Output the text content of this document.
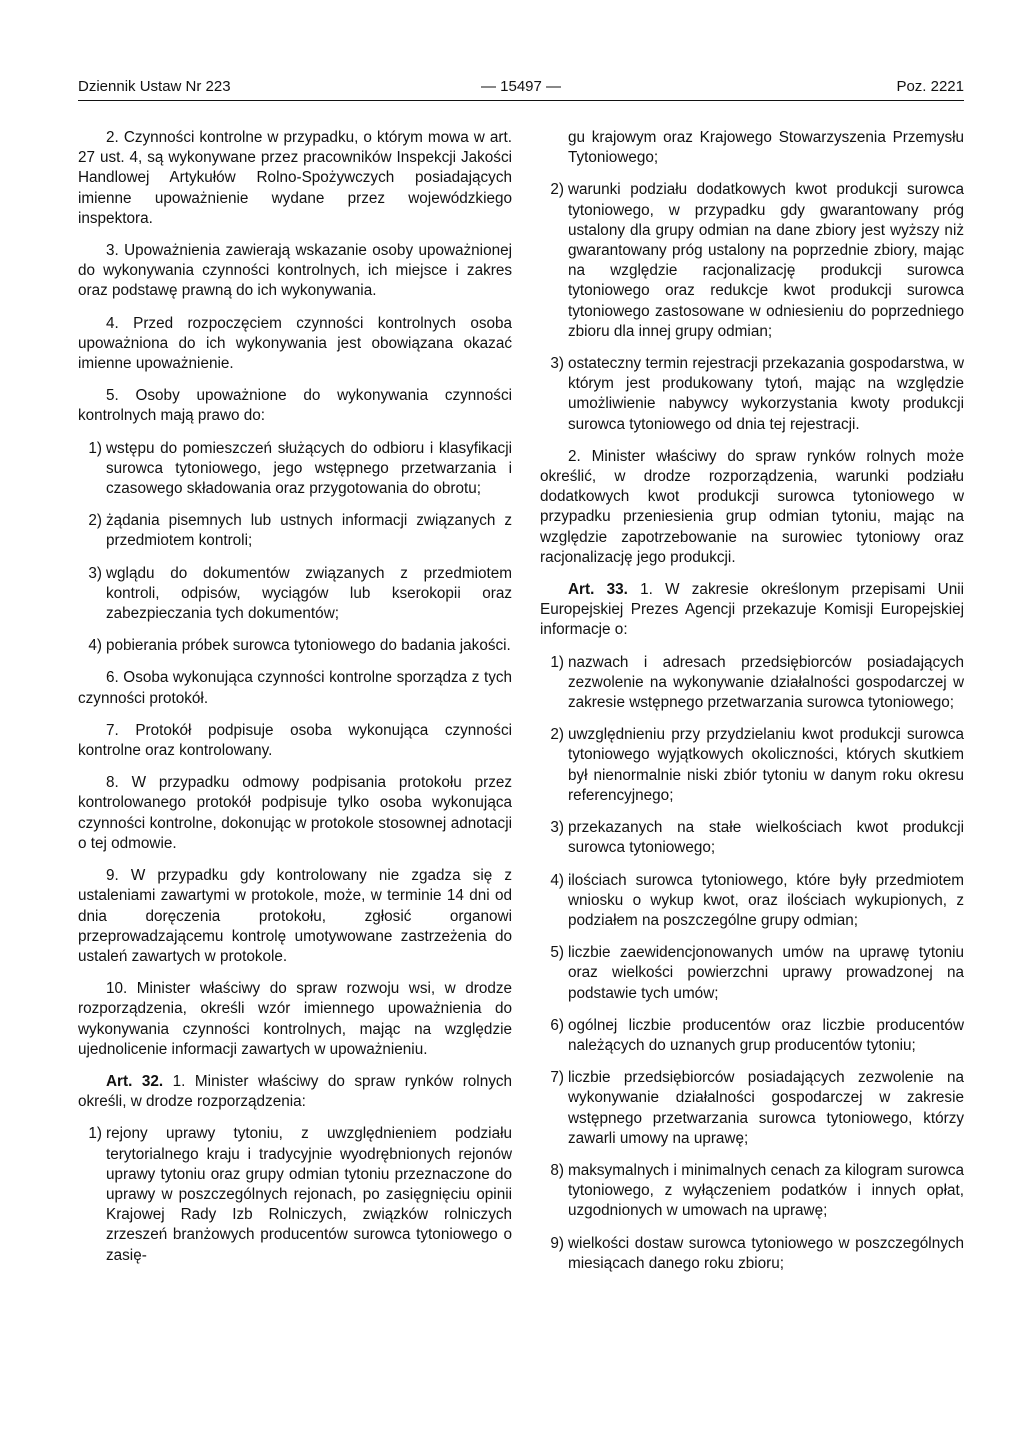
Dziennik Ustaw Nr 223	— 15497 —	Poz. 2221

2. Czynności kontrolne w przypadku, o którym mowa w art. 27 ust. 4, są wykonywane przez pracowników Inspekcji Jakości Handlowej Artykułów Rolno-Spożywczych posiadających imienne upoważnienie wydane przez wojewódzkiego inspektora.

3. Upoważnienia zawierają wskazanie osoby upoważnionej do wykonywania czynności kontrolnych, ich miejsce i zakres oraz podstawę prawną do ich wykonywania.

4. Przed rozpoczęciem czynności kontrolnych osoba upoważniona do ich wykonywania jest obowiązana okazać imienne upoważnienie.

5. Osoby upoważnione do wykonywania czynności kontrolnych mają prawo do:

1) wstępu do pomieszczeń służących do odbioru i klasyfikacji surowca tytoniowego, jego wstępnego przetwarzania i czasowego składowania oraz przygotowania do obrotu;
2) żądania pisemnych lub ustnych informacji związanych z przedmiotem kontroli;
3) wglądu do dokumentów związanych z przedmiotem kontroli, odpisów, wyciągów lub kserokopii oraz zabezpieczania tych dokumentów;
4) pobierania próbek surowca tytoniowego do badania jakości.

6. Osoba wykonująca czynności kontrolne sporządza z tych czynności protokół.

7. Protokół podpisuje osoba wykonująca czynności kontrolne oraz kontrolowany.

8. W przypadku odmowy podpisania protokołu przez kontrolowanego protokół podpisuje tylko osoba wykonująca czynności kontrolne, dokonując w protokole stosownej adnotacji o tej odmowie.

9. W przypadku gdy kontrolowany nie zgadza się z ustaleniami zawartymi w protokole, może, w terminie 14 dni od dnia doręczenia protokołu, zgłosić organowi przeprowadzającemu kontrolę umotywowane zastrzeżenia do ustaleń zawartych w protokole.

10. Minister właściwy do spraw rozwoju wsi, w drodze rozporządzenia, określi wzór imiennego upoważnienia do wykonywania czynności kontrolnych, mając na względzie ujednolicenie informacji zawartych w upoważnieniu.

Art. 32. 1. Minister właściwy do spraw rynków rolnych określi, w drodze rozporządzenia:

1) rejony uprawy tytoniu, z uwzględnieniem podziału terytorialnego kraju i tradycyjnie wyodrębnionych rejonów uprawy tytoniu oraz grupy odmian tytoniu przeznaczone do uprawy w poszczególnych rejonach, po zasięgnięciu opinii Krajowej Rady Izb Rolniczych, związków rolniczych zrzeszeń branżowych producentów surowca tytoniowego o zasię-
gu krajowym oraz Krajowego Stowarzyszenia Przemysłu Tytoniowego;
2) warunki podziału dodatkowych kwot produkcji surowca tytoniowego, w przypadku gdy gwarantowany próg ustalony dla grupy odmian na dane zbiory jest wyższy niż gwarantowany próg ustalony na poprzednie zbiory, mając na względzie racjonalizację produkcji surowca tytoniowego oraz redukcje kwot produkcji surowca tytoniowego zastosowane w odniesieniu do poprzedniego zbioru dla innej grupy odmian;
3) ostateczny termin rejestracji przekazania gospodarstwa, w którym jest produkowany tytoń, mając na względzie umożliwienie nabywcy wykorzystania kwoty produkcji surowca tytoniowego od dnia tej rejestracji.

2. Minister właściwy do spraw rynków rolnych może określić, w drodze rozporządzenia, warunki podziału dodatkowych kwot produkcji surowca tytoniowego w przypadku przeniesienia grup odmian tytoniu, mając na względzie zapotrzebowanie na surowiec tytoniowy oraz racjonalizację jego produkcji.

Art. 33. 1. W zakresie określonym przepisami Unii Europejskiej Prezes Agencji przekazuje Komisji Europejskiej informacje o:

1) nazwach i adresach przedsiębiorców posiadających zezwolenie na wykonywanie działalności gospodarczej w zakresie wstępnego przetwarzania surowca tytoniowego;
2) uwzględnieniu przy przydzielaniu kwot produkcji surowca tytoniowego wyjątkowych okoliczności, których skutkiem był nienormalnie niski zbiór tytoniu w danym roku okresu referencyjnego;
3) przekazanych na stałe wielkościach kwot produkcji surowca tytoniowego;
4) ilościach surowca tytoniowego, które były przedmiotem wniosku o wykup kwot, oraz ilościach wykupionych, z podziałem na poszczególne grupy odmian;
5) liczbie zaewidencjonowanych umów na uprawę tytoniu oraz wielkości powierzchni uprawy prowadzonej na podstawie tych umów;
6) ogólnej liczbie producentów oraz liczbie producentów należących do uznanych grup producentów tytoniu;
7) liczbie przedsiębiorców posiadających zezwolenie na wykonywanie działalności gospodarczej w zakresie wstępnego przetwarzania surowca tytoniowego, którzy zawarli umowy na uprawę;
8) maksymalnych i minimalnych cenach za kilogram surowca tytoniowego, z wyłączeniem podatków i innych opłat, uzgodnionych w umowach na uprawę;
9) wielkości dostaw surowca tytoniowego w poszczególnych miesiącach danego roku zbioru;
